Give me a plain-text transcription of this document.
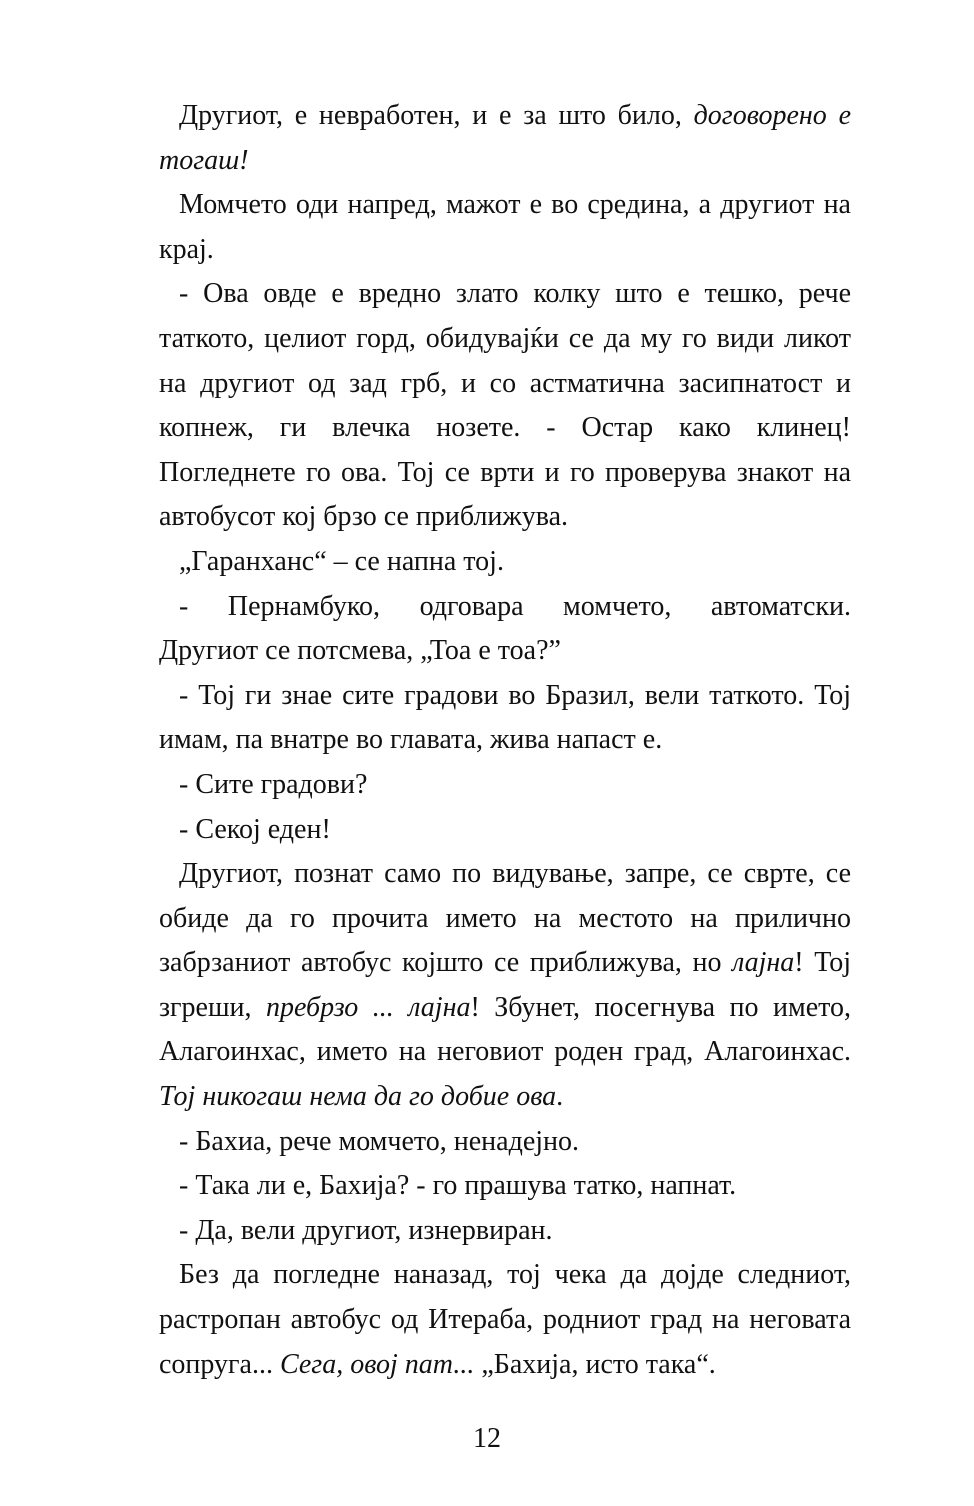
Другиот, е невработен, и е за што било, договорено е тогаш!

Момчето оди напред, мажот е во средина, а другиот на крај.

- Ова овде е вредно злато колку што е тешко, рече таткото, целиот горд, обидувајќи се да му го види ликот на другиот од зад грб, и со астматична засипнатост и копнеж, ги влечка нозете. - Остар како клинец! Погледнете го ова. Тој се врти и го проверува знакот на автобусот кој брзо се приближува.

„Гаранханс“ – се напна тој.

- Пернамбуко, одговара момчето, автоматски.

Другиот се потсмева, „Тоа е тоа?”

- Тој ги знае сите градови во Бразил, вели таткото. Тој имам, па внатре во главата, жива напаст е.

- Сите градови?

- Секој еден!

Другиот, познат само по видување, запре, се сврте, се обиде да го прочита името на местото на прилично забрзаниот автобус којшто се приближува, но лајна! Тој згреши, пребрзо ... лајна! Збунет, посегнува по името, Алагоинхас, името на неговиот роден град, Алагоинхас. Тој никогаш нема да го добие ова.

- Бахиа, рече момчето, ненадејно.

- Така ли е, Бахија? - го прашува татко, напнат.

- Да, вели другиот, изнервиран.

Без да погледне наназад, тој чека да дојде следниот, растропан автобус од Итераба, родниот град на неговата сопруга... Сега, овој пат... „Бахија, исто така“.

12
